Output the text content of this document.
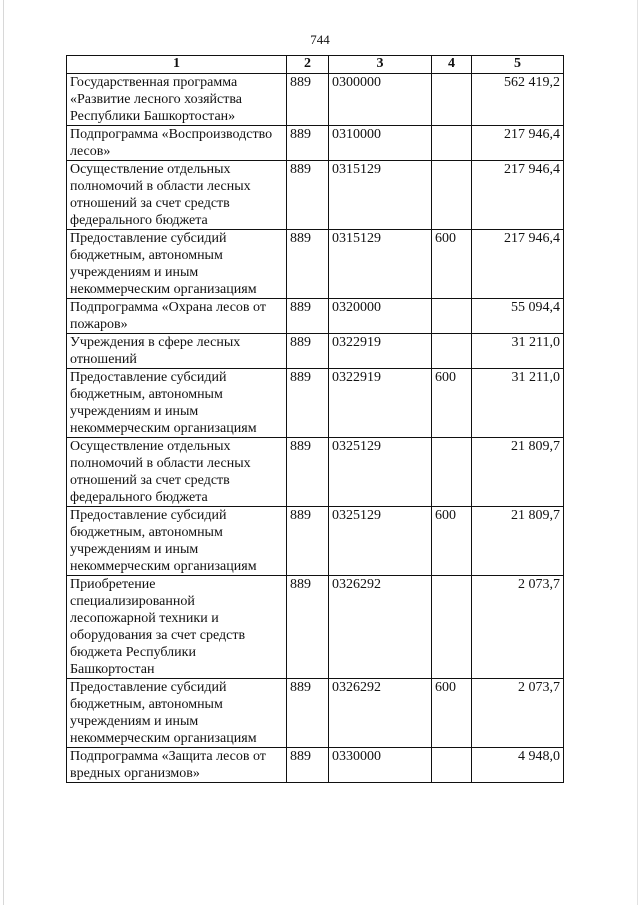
744
1	2	3	4	5
Государственная программа «Развитие лесного хозяйства Республики Башкортостан»	889	0300000		562 419,2
Подпрограмма «Воспроизводство лесов»	889	0310000		217 946,4
Осуществление отдельных полномочий в области лесных отношений за счет средств федерального бюджета	889	0315129		217 946,4
Предоставление субсидий бюджетным, автономным учреждениям и иным некоммерческим организациям	889	0315129	600	217 946,4
Подпрограмма «Охрана лесов от пожаров»	889	0320000		55 094,4
Учреждения в сфере лесных отношений	889	0322919		31 211,0
Предоставление субсидий бюджетным, автономным учреждениям и иным некоммерческим организациям	889	0322919	600	31 211,0
Осуществление отдельных полномочий в области лесных отношений за счет средств федерального бюджета	889	0325129		21 809,7
Предоставление субсидий бюджетным, автономным учреждениям и иным некоммерческим организациям	889	0325129	600	21 809,7
Приобретение специализированной лесопожарной техники и оборудования за счет средств бюджета Республики Башкортостан	889	0326292		2 073,7
Предоставление субсидий бюджетным, автономным учреждениям и иным некоммерческим организациям	889	0326292	600	2 073,7
Подпрограмма «Защита лесов от вредных организмов»	889	0330000		4 948,0
